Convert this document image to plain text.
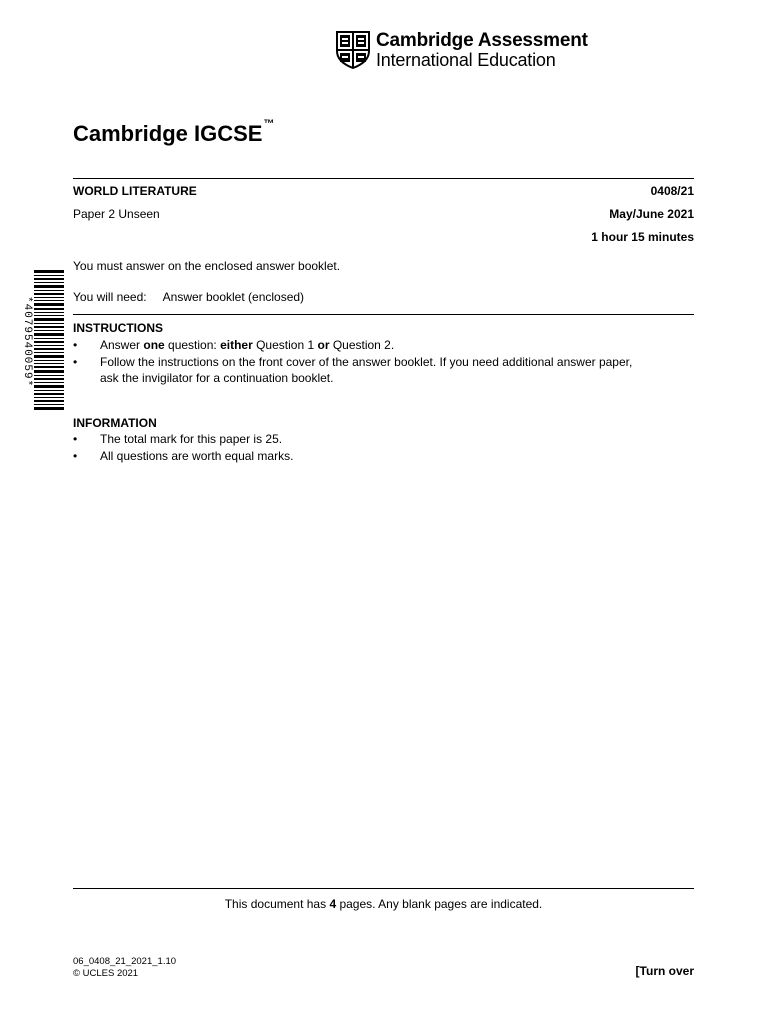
Cambridge Assessment
International Education
Cambridge IGCSE™
WORLD LITERATURE	0408/21
Paper 2 Unseen	May/June 2021
1 hour 15 minutes
*4079540059*
You must answer on the enclosed answer booklet.
You will need: Answer booklet (enclosed)
INSTRUCTIONS
• Answer one question: either Question 1 or Question 2.
• Follow the instructions on the front cover of the answer booklet. If you need additional answer paper,
ask the invigilator for a continuation booklet.
INFORMATION
• The total mark for this paper is 25.
• All questions are worth equal marks.
This document has 4 pages. Any blank pages are indicated.
06_0408_21_2021_1.10
© UCLES 2021	[Turn over
